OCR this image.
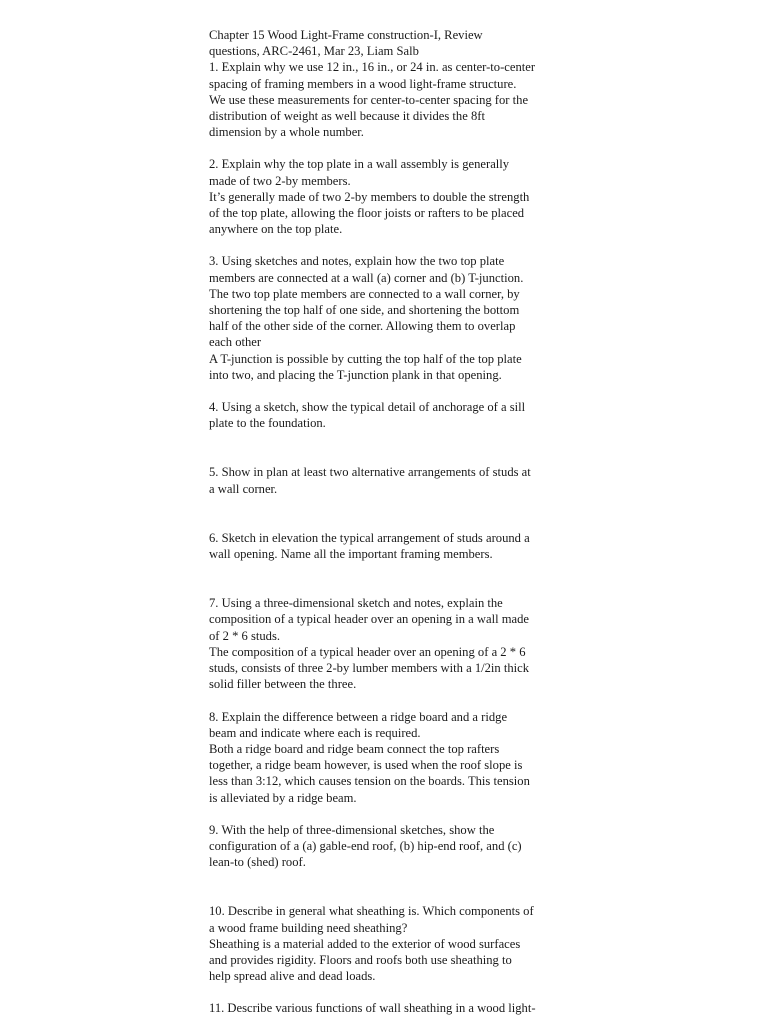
Chapter 15 Wood Light-Frame construction-I, Review
questions, ARC-2461, Mar 23, Liam Salb
1. Explain why we use 12 in., 16 in., or 24 in. as center-to-center
spacing of framing members in a wood light-frame structure.
We use these measurements for center-to-center spacing for the
distribution of weight as well because it divides the 8ft
dimension by a whole number.
2. Explain why the top plate in a wall assembly is generally
made of two 2-by members.
It’s generally made of two 2-by members to double the strength
of the top plate, allowing the floor joists or rafters to be placed
anywhere on the top plate.
3. Using sketches and notes, explain how the two top plate
members are connected at a wall (a) corner and (b) T-junction.
The two top plate members are connected to a wall corner, by
shortening the top half of one side, and shortening the bottom
half of the other side of the corner. Allowing them to overlap
each other
A T-junction is possible by cutting the top half of the top plate
into two, and placing the T-junction plank in that opening.
4. Using a sketch, show the typical detail of anchorage of a sill
plate to the foundation.
5. Show in plan at least two alternative arrangements of studs at
a wall corner.
6. Sketch in elevation the typical arrangement of studs around a
wall opening. Name all the important framing members.
7. Using a three-dimensional sketch and notes, explain the
composition of a typical header over an opening in a wall made
of 2 * 6 studs.
The composition of a typical header over an opening of a 2 * 6
studs, consists of three 2-by lumber members with a 1/2in thick
solid filler between the three.
8. Explain the difference between a ridge board and a ridge
beam and indicate where each is required.
Both a ridge board and ridge beam connect the top rafters
together, a ridge beam however, is used when the roof slope is
less than 3:12, which causes tension on the boards. This tension
is alleviated by a ridge beam.
9. With the help of three-dimensional sketches, show the
configuration of a (a) gable-end roof, (b) hip-end roof, and (c)
lean-to (shed) roof.
10. Describe in general what sheathing is. Which components of
a wood frame building need sheathing?
Sheathing is a material added to the exterior of wood surfaces
and provides rigidity. Floors and roofs both use sheathing to
help spread alive and dead loads.
11. Describe various functions of wall sheathing in a wood light-
